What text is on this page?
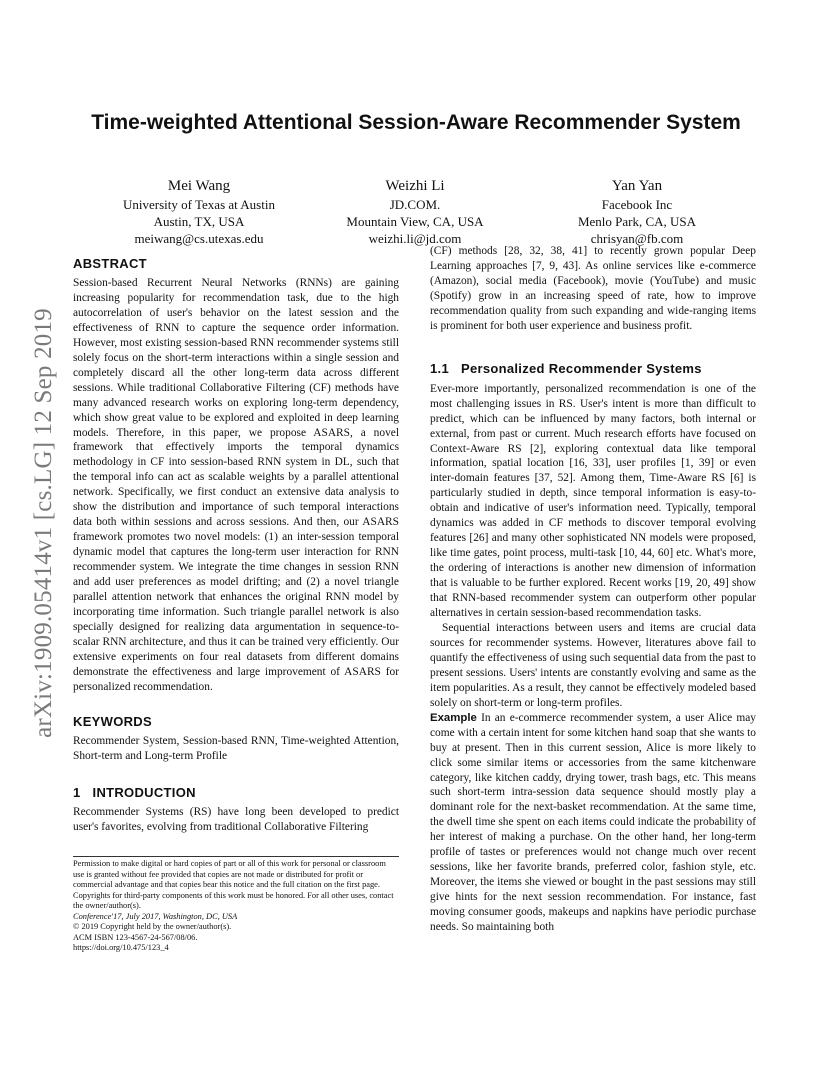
arXiv:1909.05414v1 [cs.LG] 12 Sep 2019
Time-weighted Attentional Session-Aware Recommender System
Mei Wang
University of Texas at Austin
Austin, TX, USA
meiwang@cs.utexas.edu
Weizhi Li
JD.COM.
Mountain View, CA, USA
weizhi.li@jd.com
Yan Yan
Facebook Inc
Menlo Park, CA, USA
chrisyan@fb.com
ABSTRACT

Session-based Recurrent Neural Networks (RNNs) are gaining increasing popularity for recommendation task, due to the high autocorrelation of user's behavior on the latest session and the effectiveness of RNN to capture the sequence order information. However, most existing session-based RNN recommender systems still solely focus on the short-term interactions within a single session and completely discard all the other long-term data across different sessions. While traditional Collaborative Filtering (CF) methods have many advanced research works on exploring long-term dependency, which show great value to be explored and exploited in deep learning models. Therefore, in this paper, we propose ASARS, a novel framework that effectively imports the temporal dynamics methodology in CF into session-based RNN system in DL, such that the temporal info can act as scalable weights by a parallel attentional network. Specifically, we first conduct an extensive data analysis to show the distribution and importance of such temporal interactions data both within sessions and across sessions. And then, our ASARS framework promotes two novel models: (1) an inter-session temporal dynamic model that captures the long-term user interaction for RNN recommender system. We integrate the time changes in session RNN and add user preferences as model drifting; and (2) a novel triangle parallel attention network that enhances the original RNN model by incorporating time information. Such triangle parallel network is also specially designed for realizing data argumentation in sequence-to-scalar RNN architecture, and thus it can be trained very efficiently. Our extensive experiments on four real datasets from different domains demonstrate the effectiveness and large improvement of ASARS for personalized recommendation.

KEYWORDS

Recommender System, Session-based RNN, Time-weighted Attention, Short-term and Long-term Profile

1 INTRODUCTION

Recommender Systems (RS) have long been developed to predict user's favorites, evolving from traditional Collaborative Filtering

Permission to make digital or hard copies of part or all of this work for personal or classroom use is granted without fee provided that copies are not made or distributed for profit or commercial advantage and that copies bear this notice and the full citation on the first page. Copyrights for third-party components of this work must be honored. For all other uses, contact the owner/author(s).
Conference'17, July 2017, Washington, DC, USA
© 2019 Copyright held by the owner/author(s).
ACM ISBN 123-4567-24-567/08/06.
https://doi.org/10.475/123_4

(CF) methods [28, 32, 38, 41] to recently grown popular Deep Learning approaches [7, 9, 43]. As online services like e-commerce (Amazon), social media (Facebook), movie (YouTube) and music (Spotify) grow in an increasing speed of rate, how to improve recommendation quality from such expanding and wide-ranging items is prominent for both user experience and business profit.

1.1 Personalized Recommender Systems

Ever-more importantly, personalized recommendation is one of the most challenging issues in RS. User's intent is more than difficult to predict, which can be influenced by many factors, both internal or external, from past or current. Much research efforts have focused on Context-Aware RS [2], exploring contextual data like temporal information, spatial location [16, 33], user profiles [1, 39] or even inter-domain features [37, 52]. Among them, Time-Aware RS [6] is particularly studied in depth, since temporal information is easy-to-obtain and indicative of user's information need. Typically, temporal dynamics was added in CF methods to discover temporal evolving features [26] and many other sophisticated NN models were proposed, like time gates, point process, multi-task [10, 44, 60] etc. What's more, the ordering of interactions is another new dimension of information that is valuable to be further explored. Recent works [19, 20, 49] show that RNN-based recommender system can outperform other popular alternatives in certain session-based recommendation tasks.

Sequential interactions between users and items are crucial data sources for recommender systems. However, literatures above fail to quantify the effectiveness of using such sequential data from the past to present sessions. Users' intents are constantly evolving and same as the item popularities. As a result, they cannot be effectively modeled based solely on short-term or long-term profiles.

Example In an e-commerce recommender system, a user Alice may come with a certain intent for some kitchen hand soap that she wants to buy at present. Then in this current session, Alice is more likely to click some similar items or accessories from the same kitchenware category, like kitchen caddy, drying tower, trash bags, etc. This means such short-term intra-session data sequence should mostly play a dominant role for the next-basket recommendation. At the same time, the dwell time she spent on each items could indicate the probability of her interest of making a purchase. On the other hand, her long-term profile of tastes or preferences would not change much over recent sessions, like her favorite brands, preferred color, fashion style, etc. Moreover, the items she viewed or bought in the past sessions may still give hints for the next session recommendation. For instance, fast moving consumer goods, makeups and napkins have periodic purchase needs. So maintaining both
